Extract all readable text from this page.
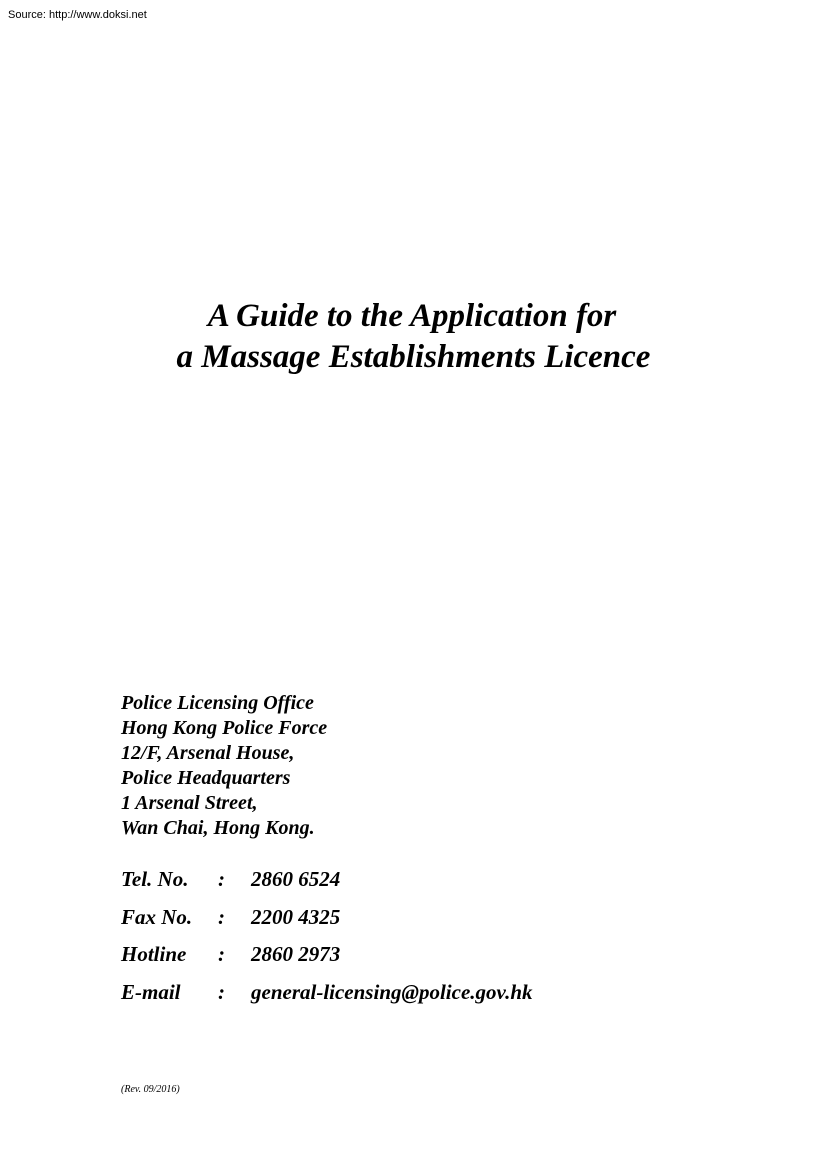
Source: http://www.doksi.net
A Guide to the Application for
a Massage Establishments Licence
Police Licensing Office
Hong Kong Police Force
12/F, Arsenal House,
Police Headquarters
1 Arsenal Street,
Wan Chai, Hong Kong.
Tel. No. : 2860 6524
Fax No. : 2200 4325
Hotline : 2860 2973
E-mail : general-licensing@police.gov.hk
(Rev. 09/2016)
